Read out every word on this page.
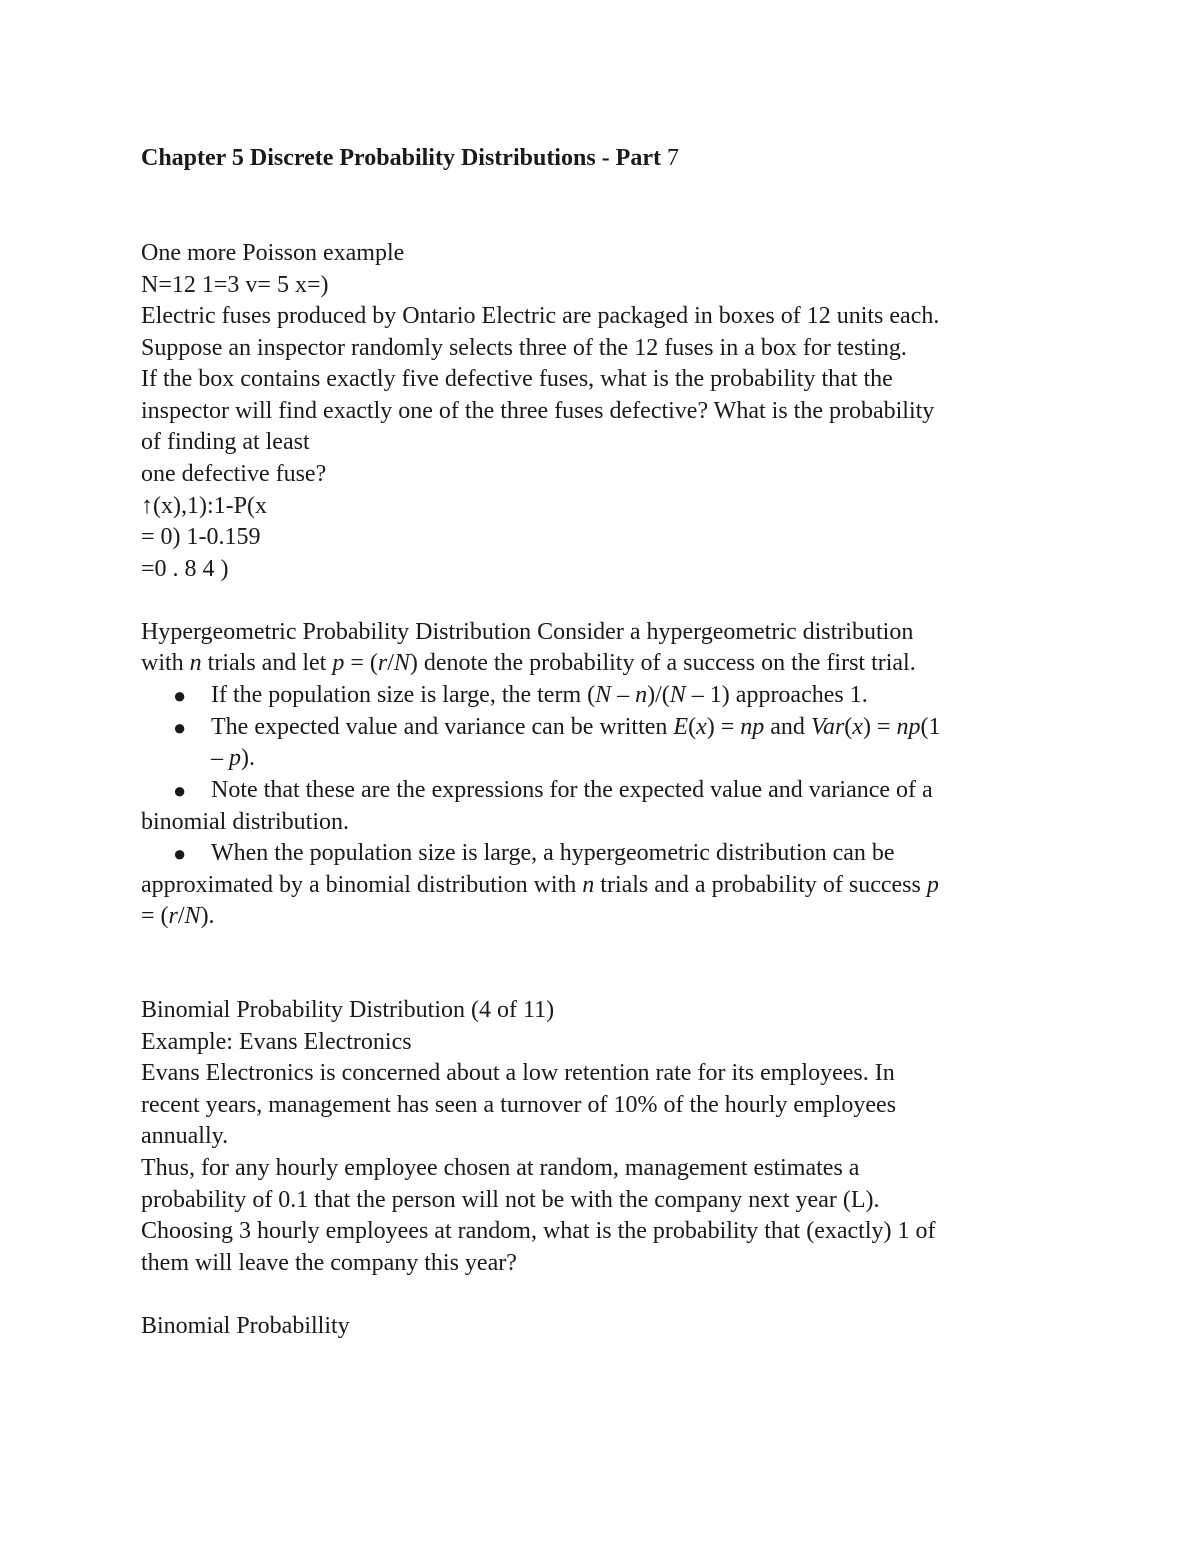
Chapter 5 Discrete Probability Distributions - Part 7
One more Poisson example
N=12 1=3 v= 5 x=)
Electric fuses produced by Ontario Electric are packaged in boxes of 12 units each.
Suppose an inspector randomly selects three of the 12 fuses in a box for testing.
If the box contains exactly five defective fuses, what is the probability that the
inspector will find exactly one of the three fuses defective? What is the probability
of finding at least
one defective fuse?
↑(x),1):1-P(x
= 0) 1-0.159
=0 . 8 4 )
Hypergeometric Probability Distribution Consider a hypergeometric distribution
with n trials and let p = (r/N) denote the probability of a success on the first trial.
● If the population size is large, the term (N – n)/(N – 1) approaches 1.
● The expected value and variance can be written E(x) = np and Var(x) = np(1
– p).
● Note that these are the expressions for the expected value and variance of a
binomial distribution.
● When the population size is large, a hypergeometric distribution can be
approximated by a binomial distribution with n trials and a probability of success p
= (r/N).
Binomial Probability Distribution (4 of 11)
Example: Evans Electronics
Evans Electronics is concerned about a low retention rate for its employees. In
recent years, management has seen a turnover of 10% of the hourly employees
annually.
Thus, for any hourly employee chosen at random, management estimates a
probability of 0.1 that the person will not be with the company next year (L).
Choosing 3 hourly employees at random, what is the probability that (exactly) 1 of
them will leave the company this year?
Binomial Probabillity
